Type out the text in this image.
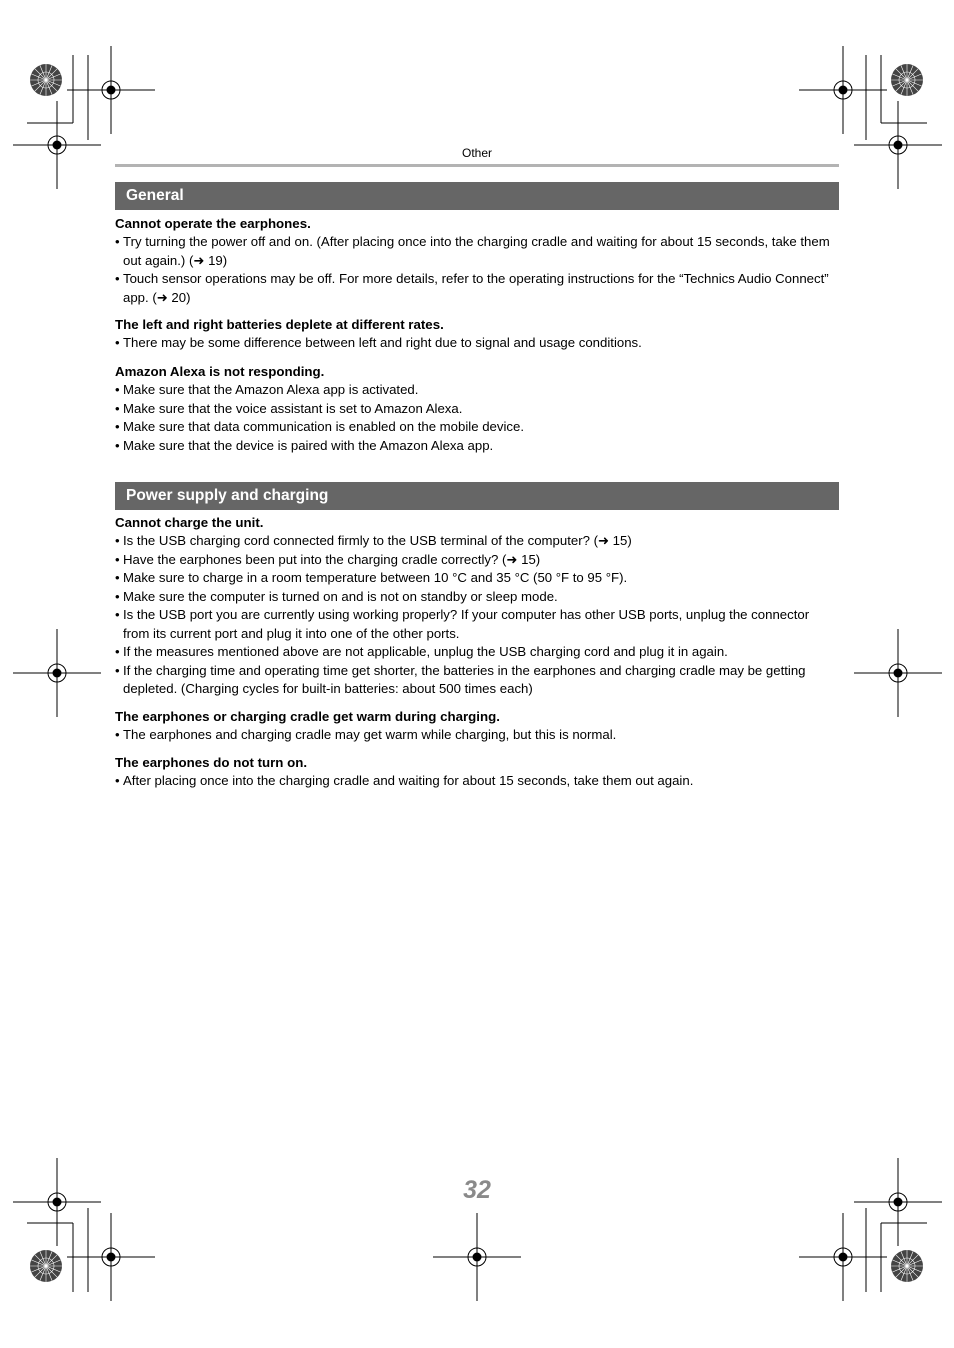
Other
General

Cannot operate the earphones.

• Try turning the power off and on. (After placing once into the charging cradle and waiting for about 15 seconds, take them out again.) (➜ 19)
• Touch sensor operations may be off. For more details, refer to the operating instructions for the “Technics Audio Connect” app. (➜ 20)

The left and right batteries deplete at different rates.

• There may be some difference between left and right due to signal and usage conditions.

Amazon Alexa is not responding.

• Make sure that the Amazon Alexa app is activated.
• Make sure that the voice assistant is set to Amazon Alexa.
• Make sure that data communication is enabled on the mobile device.
• Make sure that the device is paired with the Amazon Alexa app.
Power supply and charging

Cannot charge the unit.

• Is the USB charging cord connected firmly to the USB terminal of the computer? (➜ 15)
• Have the earphones been put into the charging cradle correctly? (➜ 15)
• Make sure to charge in a room temperature between 10 °C and 35 °C (50 °F to 95 °F).
• Make sure the computer is turned on and is not on standby or sleep mode.
• Is the USB port you are currently using working properly? If your computer has other USB ports, unplug the connector from its current port and plug it into one of the other ports.
• If the measures mentioned above are not applicable, unplug the USB charging cord and plug it in again.
• If the charging time and operating time get shorter, the batteries in the earphones and charging cradle may be getting depleted. (Charging cycles for built-in batteries: about 500 times each)

The earphones or charging cradle get warm during charging.

• The earphones and charging cradle may get warm while charging, but this is normal.

The earphones do not turn on.

• After placing once into the charging cradle and waiting for about 15 seconds, take them out again.
32
